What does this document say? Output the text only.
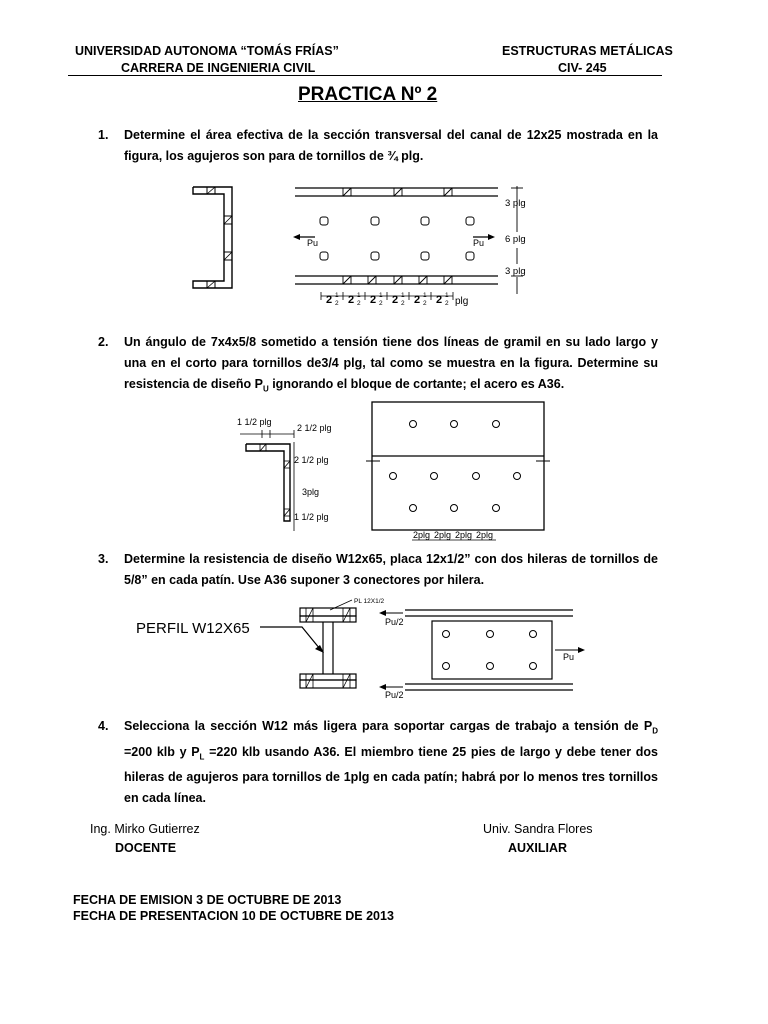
UNIVERSIDAD AUTONOMA “TOMÁS FRÍAS”
CARRERA DE INGENIERIA CIVIL
ESTRUCTURAS METÁLICAS
CIV- 245
PRACTICA Nº 2
1. Determine el área efectiva de la sección transversal del canal de 12x25 mostrada en la figura, los agujeros son para de tornillos de ¾ plg.
Pu	Pu
3 plg
6 plg
3 plg
2 1
2 2 1
2 2 1
2 2 1
2 2 1
2 2 1
2 plg
2. Un ángulo de 7x4x5/8 sometido a tensión tiene dos líneas de gramil en su lado largo y una en el corto para tornillos de3/4 plg, tal como se muestra en la figura. Determine su resistencia de diseño $P_U$ ignorando el bloque de cortante; el acero es A36.
1 1/2 plg
2 1/2 plg
2 1/2 plg
3plg
1 1/2 plg
2plg 2plg 2plg 2plg
3. Determine la resistencia de diseño W12x65, placa 12x1/2” con dos hileras de tornillos de 5/8” en cada patín. Use A36 suponer 3 conectores por hilera.
PERFIL W12X65
PL 12X1/2
Pu/2
Pu/2
Pu
4. Selecciona la sección W12 más ligera para soportar cargas de trabajo a tensión de $P_D =200$ klb y $P_L =220$ klb usando A36. El miembro tiene 25 pies de largo y debe tener dos hileras de agujeros para tornillos de 1plg en cada patín; habrá por lo menos tres tornillos en cada línea.
Ing. Mirko Gutierrez
DOCENTE
Univ. Sandra Flores
AUXILIAR
FECHA DE EMISION 3 DE OCTUBRE DE 2013
FECHA DE PRESENTACION 10 DE OCTUBRE DE 2013
